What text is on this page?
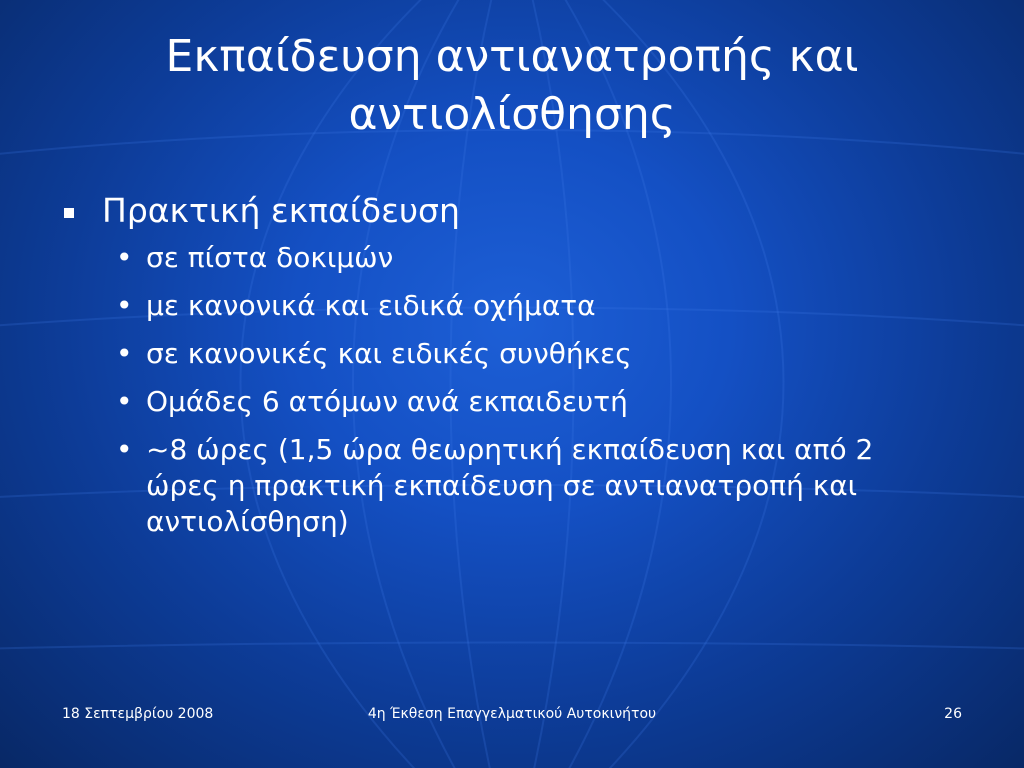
Εκπαίδευση αντιανατροπής και αντιολίσθησης
Πρακτική εκπαίδευση
• σε πίστα δοκιμών
• με κανονικά και ειδικά οχήματα
• σε κανονικές και ειδικές συνθήκες
• Ομάδες 6 ατόμων ανά εκπαιδευτή
• ~8 ώρες (1,5 ώρα θεωρητική εκπαίδευση και από 2 ώρες η πρακτική εκπαίδευση σε αντιανατροπή και αντιολίσθηση)
18 Σεπτεμβρίου 2008	4η Έκθεση Επαγγελματικού Αυτοκινήτου	26
